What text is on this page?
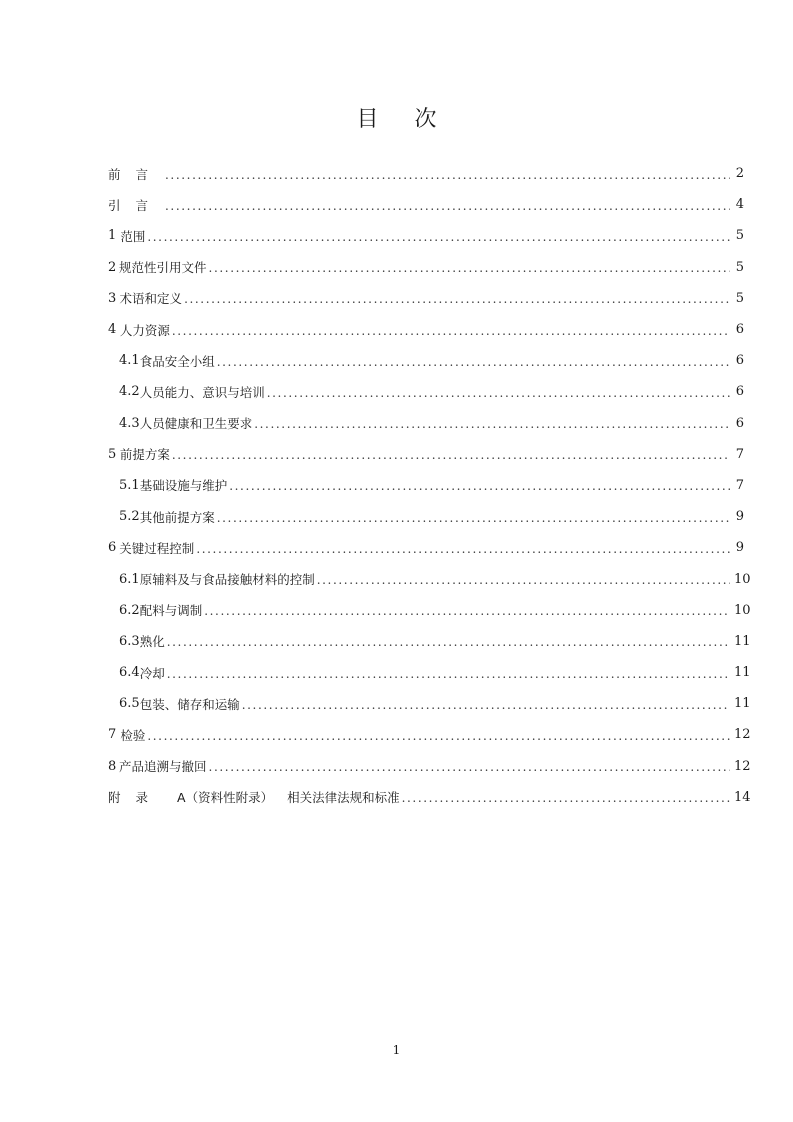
目 次
前言 .....	2
引言 .....	4
1 范围 .....	5
2 规范性引用文件 .....	5
3 术语和定义 .....	5
4 人力资源 .....	6
4.1 食品安全小组 .....	6
4.2 人员能力、意识与培训 .....	6
4.3 人员健康和卫生要求 .....	6
5 前提方案 .....	7
5.1 基础设施与维护 .....	7
5.2 其他前提方案 .....	9
6 关键过程控制 .....	9
6.1 原辅料及与食品接触材料的控制 .....	10
6.2 配料与调制 .....	10
6.3 熟化 .....	11
6.4 冷却 .....	11
6.5 包装、储存和运输 .....	11
7 检验 .....	12
8 产品追溯与撤回 .....	12
附录 A（资料性附录） 相关法律法规和标准 .....	14
1
